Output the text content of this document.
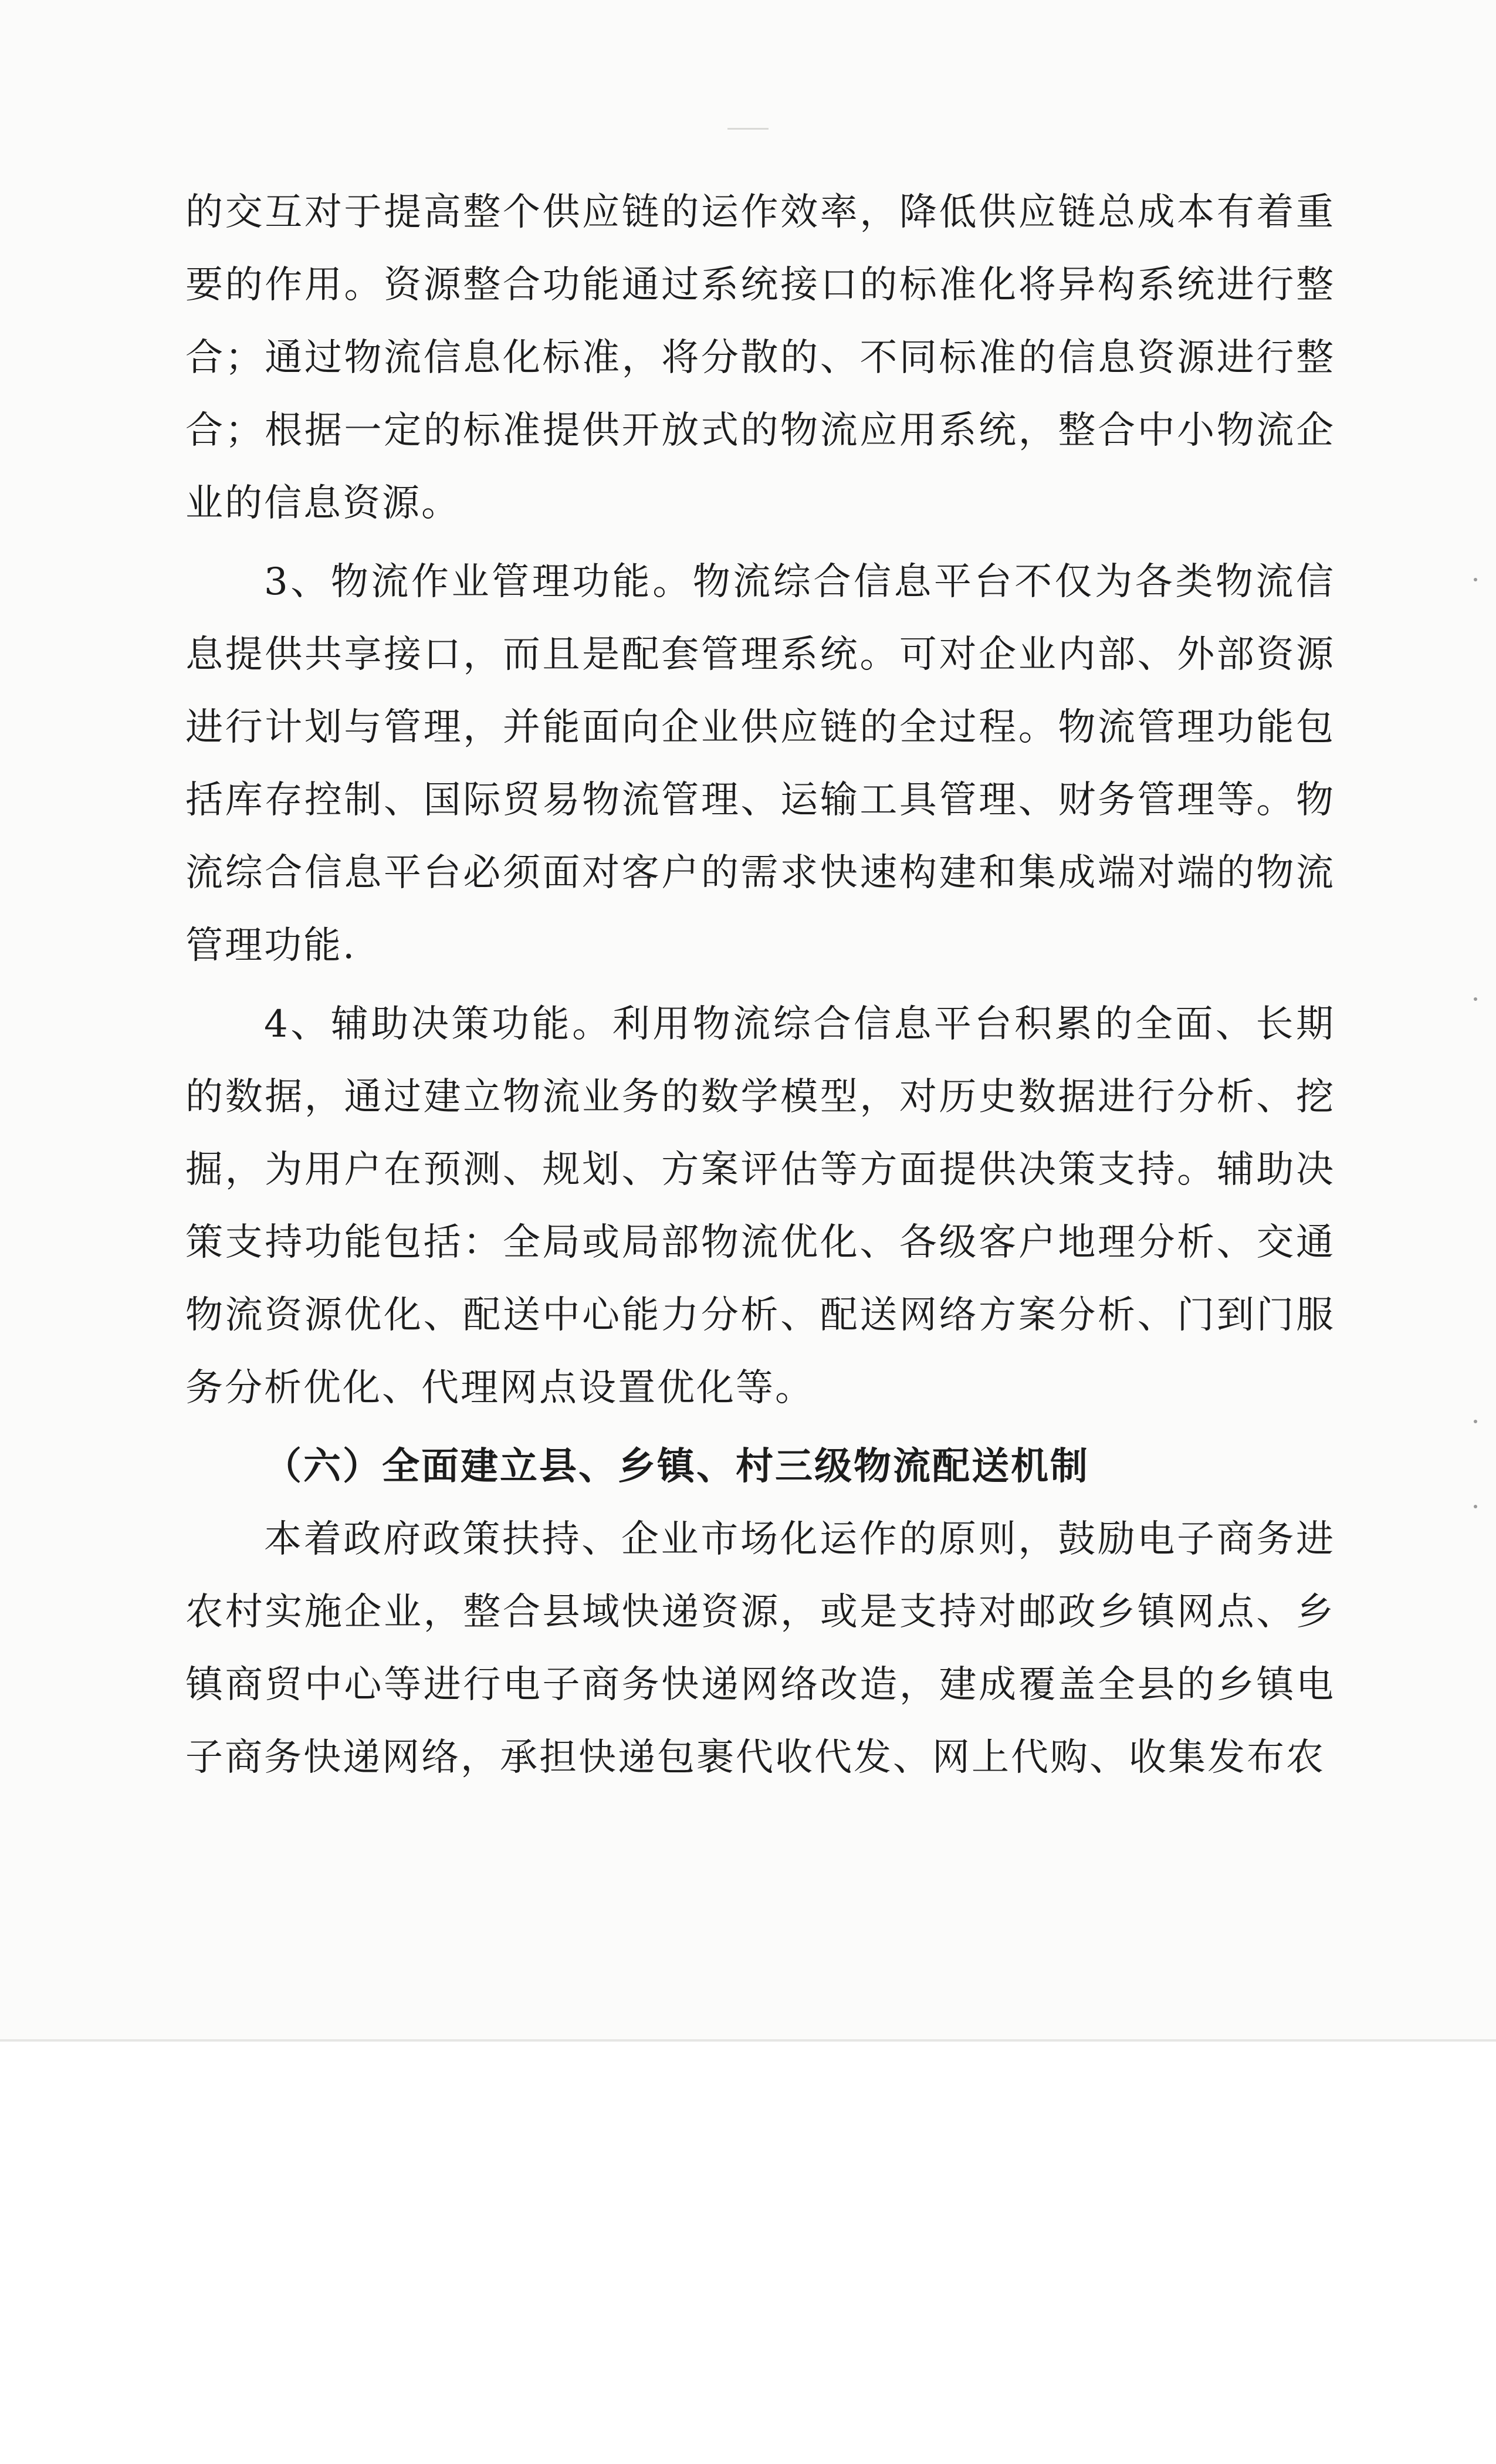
的交互对于提高整个供应链的运作效率，降低供应链总成本有着重要的作用。资源整合功能通过系统接口的标准化将异构系统进行整合；通过物流信息化标准，将分散的、不同标准的信息资源进行整合；根据一定的标准提供开放式的物流应用系统，整合中小物流企业的信息资源。

3、物流作业管理功能。物流综合信息平台不仅为各类物流信息提供共享接口，而且是配套管理系统。可对企业内部、外部资源进行计划与管理，并能面向企业供应链的全过程。物流管理功能包括库存控制、国际贸易物流管理、运输工具管理、财务管理等。物流综合信息平台必须面对客户的需求快速构建和集成端对端的物流管理功能.

4、辅助决策功能。利用物流综合信息平台积累的全面、长期的数据，通过建立物流业务的数学模型，对历史数据进行分析、挖掘，为用户在预测、规划、方案评估等方面提供决策支持。辅助决策支持功能包括：全局或局部物流优化、各级客户地理分析、交通物流资源优化、配送中心能力分析、配送网络方案分析、门到门服务分析优化、代理网点设置优化等。

（六）全面建立县、乡镇、村三级物流配送机制

本着政府政策扶持、企业市场化运作的原则，鼓励电子商务进农村实施企业，整合县域快递资源，或是支持对邮政乡镇网点、乡镇商贸中心等进行电子商务快递网络改造，建成覆盖全县的乡镇电子商务快递网络，承担快递包裹代收代发、网上代购、收集发布农
